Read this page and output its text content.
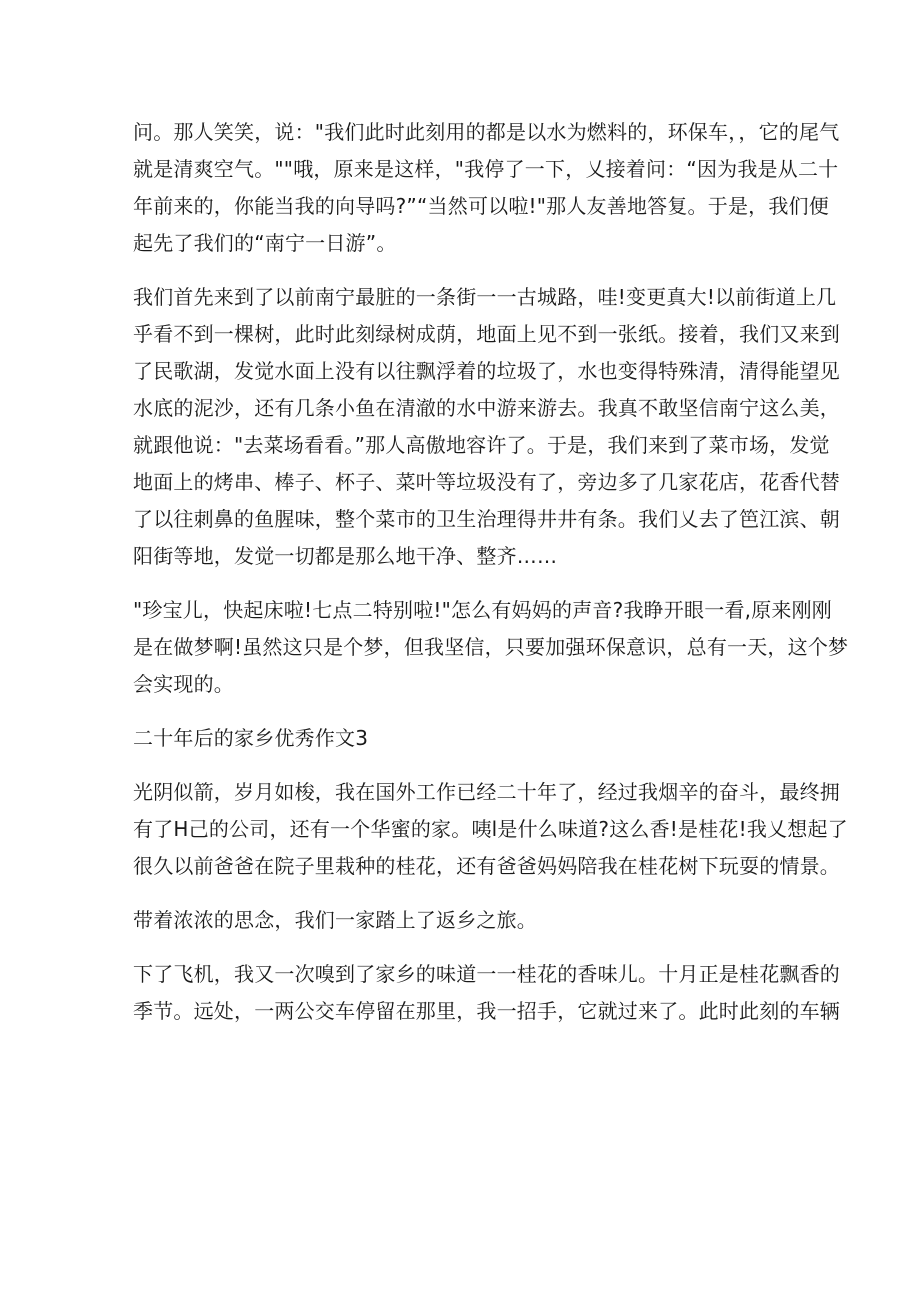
问。那人笑笑，说："我们此时此刻用的都是以水为燃料的，环保车，，它的尾气
就是清爽空气。""哦，原来是这样，"我停了一下，乂接着问：“因为我是从二十
年前来的，你能当我的向导吗?”“当然可以啦!"那人友善地答复。于是，我们便
起先了我们的“南宁一日游”。
我们首先来到了以前南宁最脏的一条街一一古城路，哇!变更真大!以前街道上几
乎看不到一棵树，此时此刻绿树成荫，地面上见不到一张纸。接着，我们又来到
了民歌湖，发觉水面上没有以往飘浮着的垃圾了，水也变得特殊清，清得能望见
水底的泥沙，还有几条小鱼在清澈的水中游来游去。我真不敢坚信南宁这么美，
就跟他说："去菜场看看。”那人高傲地容许了。于是，我们来到了菜市场，发觉
地面上的烤串、棒子、杯子、菜叶等垃圾没有了，旁边多了几家花店，花香代替
了以往刺鼻的鱼腥味，整个菜市的卫生治理得井井有条。我们乂去了笆江滨、朝
阳街等地，发觉一切都是那么地干净、整齐……
"珍宝儿，快起床啦!七点二特别啦!"怎么有妈妈的声音?我睁开眼一看,原来刚刚
是在做梦啊!虽然这只是个梦，但我坚信，只要加强环保意识，总有一天，这个梦
会实现的。
二十年后的家乡优秀作文3
光阴似箭，岁月如梭，我在国外工作已经二十年了，经过我烟辛的奋斗，最终拥
有了H己的公司，还有一个华蜜的家。咦l是什么味道?这么香!是桂花!我乂想起了
很久以前爸爸在院子里栽种的桂花，还有爸爸妈妈陪我在桂花树下玩耍的情景。
带着浓浓的思念，我们一家踏上了返乡之旅。
下了飞机，我又一次嗅到了家乡的味道一一桂花的香味儿。十月正是桂花飘香的
季节。远处，一两公交车停留在那里，我一招手，它就过来了。此时此刻的车辆
